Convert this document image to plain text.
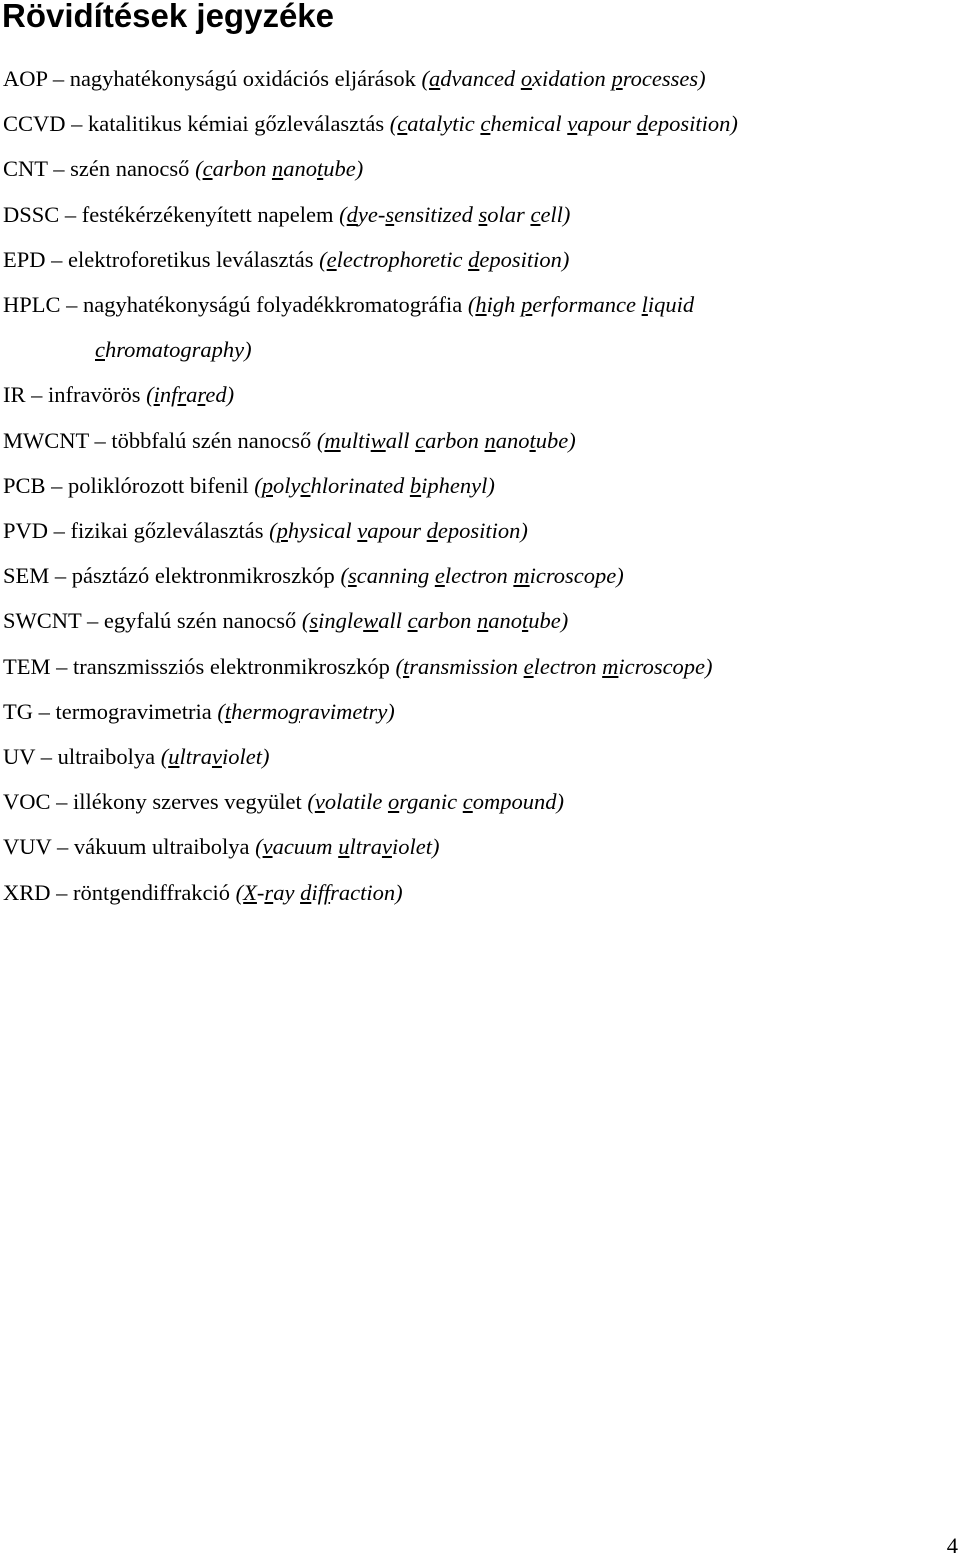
Rövidítések jegyzéke
AOP – nagyhatékonyságú oxidációs eljárások (advanced oxidation processes)
CCVD – katalitikus kémiai gőzleválasztás (catalytic chemical vapour deposition)
CNT – szén nanocső (carbon nanotube)
DSSC – festékérzékenyített napelem (dye-sensitized solar cell)
EPD – elektroforetikus leválasztás (electrophoretic deposition)
HPLC – nagyhatékonyságú folyadékkromatográfia (high performance liquid
chromatography)
IR – infravörös (infrared)
MWCNT – többfalú szén nanocső (multiwall carbon nanotube)
PCB – poliklórozott bifenil (polychlorinated biphenyl)
PVD – fizikai gőzleválasztás (physical vapour deposition)
SEM – pásztázó elektronmikroszkóp (scanning electron microscope)
SWCNT – egyfalú szén nanocső (singlewall carbon nanotube)
TEM – transzmissziós elektronmikroszkóp (transmission electron microscope)
TG – termogravimetria (thermogravimetry)
UV – ultraibolya (ultraviolet)
VOC – illékony szerves vegyület (volatile organic compound)
VUV – vákuum ultraibolya (vacuum ultraviolet)
XRD – röntgendiffrakció (X-ray diffraction)
4
